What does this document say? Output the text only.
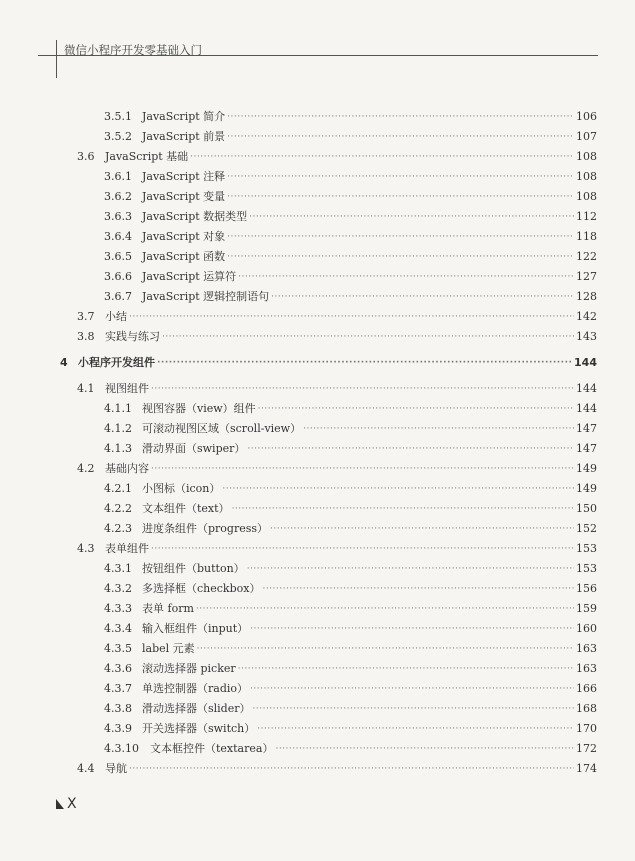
微信小程序开发零基础入门
3.5.1 JavaScript 简介 ·····	106
3.5.2 JavaScript 前景 ·····	107
3.6 JavaScript 基础 ·····	108
3.6.1 JavaScript 注释 ·····	108
3.6.2 JavaScript 变量 ·····	108
3.6.3 JavaScript 数据类型 ·····	112
3.6.4 JavaScript 对象 ·····	118
3.6.5 JavaScript 函数 ·····	122
3.6.6 JavaScript 运算符 ·····	127
3.6.7 JavaScript 逻辑控制语句 ·····	128
3.7 小结 ·····	142
3.8 实践与练习 ·····	143
4 小程序开发组件 ·····	144
4.1 视图组件 ·····	144
4.1.1 视图容器（view）组件 ·····	144
4.1.2 可滚动视图区域（scroll-view） ·····	147
4.1.3 滑动界面（swiper） ·····	147
4.2 基础内容 ·····	149
4.2.1 小图标（icon） ·····	149
4.2.2 文本组件（text） ·····	150
4.2.3 进度条组件（progress） ·····	152
4.3 表单组件 ·····	153
4.3.1 按钮组件（button） ·····	153
4.3.2 多选择框（checkbox） ·····	156
4.3.3 表单 form ·····	159
4.3.4 输入框组件（input） ·····	160
4.3.5 label 元素 ·····	163
4.3.6 滚动选择器 picker ·····	163
4.3.7 单选控制器（radio） ·····	166
4.3.8 滑动选择器（slider） ·····	168
4.3.9 开关选择器（switch） ·····	170
4.3.10	文本框控件（textarea） ·····	172
4.4 导航 ·····	174
X
